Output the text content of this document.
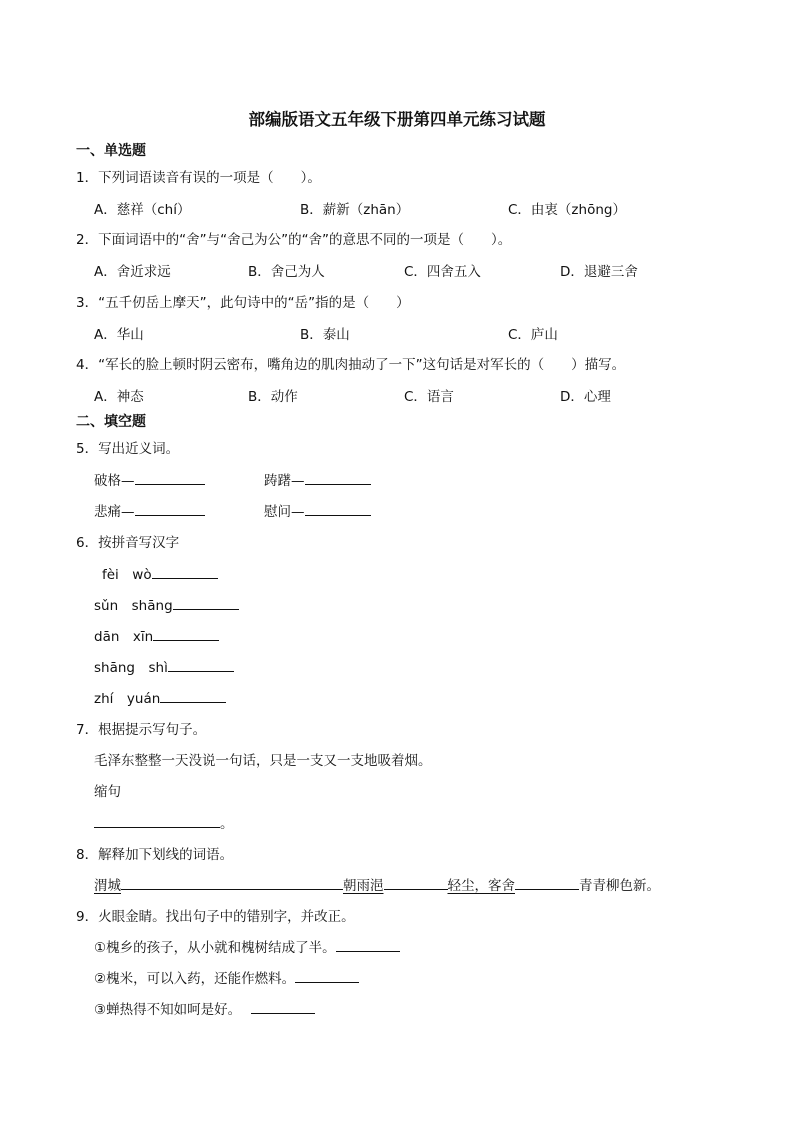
部编版语文五年级下册第四单元练习试题
一、单选题
1．下列词语读音有误的一项是（　　）。
A．慈祥（chí）	B．薪新（zhān）	C．由衷（zhōng）
2．下面词语中的“舍”与“舍己为公”的“舍”的意思不同的一项是（　　）。
A．舍近求远	B．舍己为人	C．四舍五入	D．退避三舍
3．“五千仞岳上摩天”，此句诗中的“岳”指的是（　　）
A．华山	B．泰山	C．庐山
4．“军长的脸上顿时阴云密布，嘴角边的肌肉抽动了一下”这句话是对军长的（　　）描写。
A．神态	B．动作	C．语言	D．心理
二、填空题
5．写出近义词。
破格—	踌躇—
悲痛—	慰问—
6．按拼音写汉字
fèi　wò
sǔn　shāng
dān　xīn
shāng　shì
zhí　yuán
7．根据提示写句子。
毛泽东整整一天没说一句话，只是一支又一支地吸着烟。
缩句
。
8．解释加下划线的词语。
渭城	朝雨浥	轻尘，客舍	青青柳色新。
9．火眼金睛。找出句子中的错别字，并改正。
①槐乡的孩子，从小就和槐树结成了半。
②槐米，可以入药，还能作燃料。
③蝉热得不知如呵是好。
